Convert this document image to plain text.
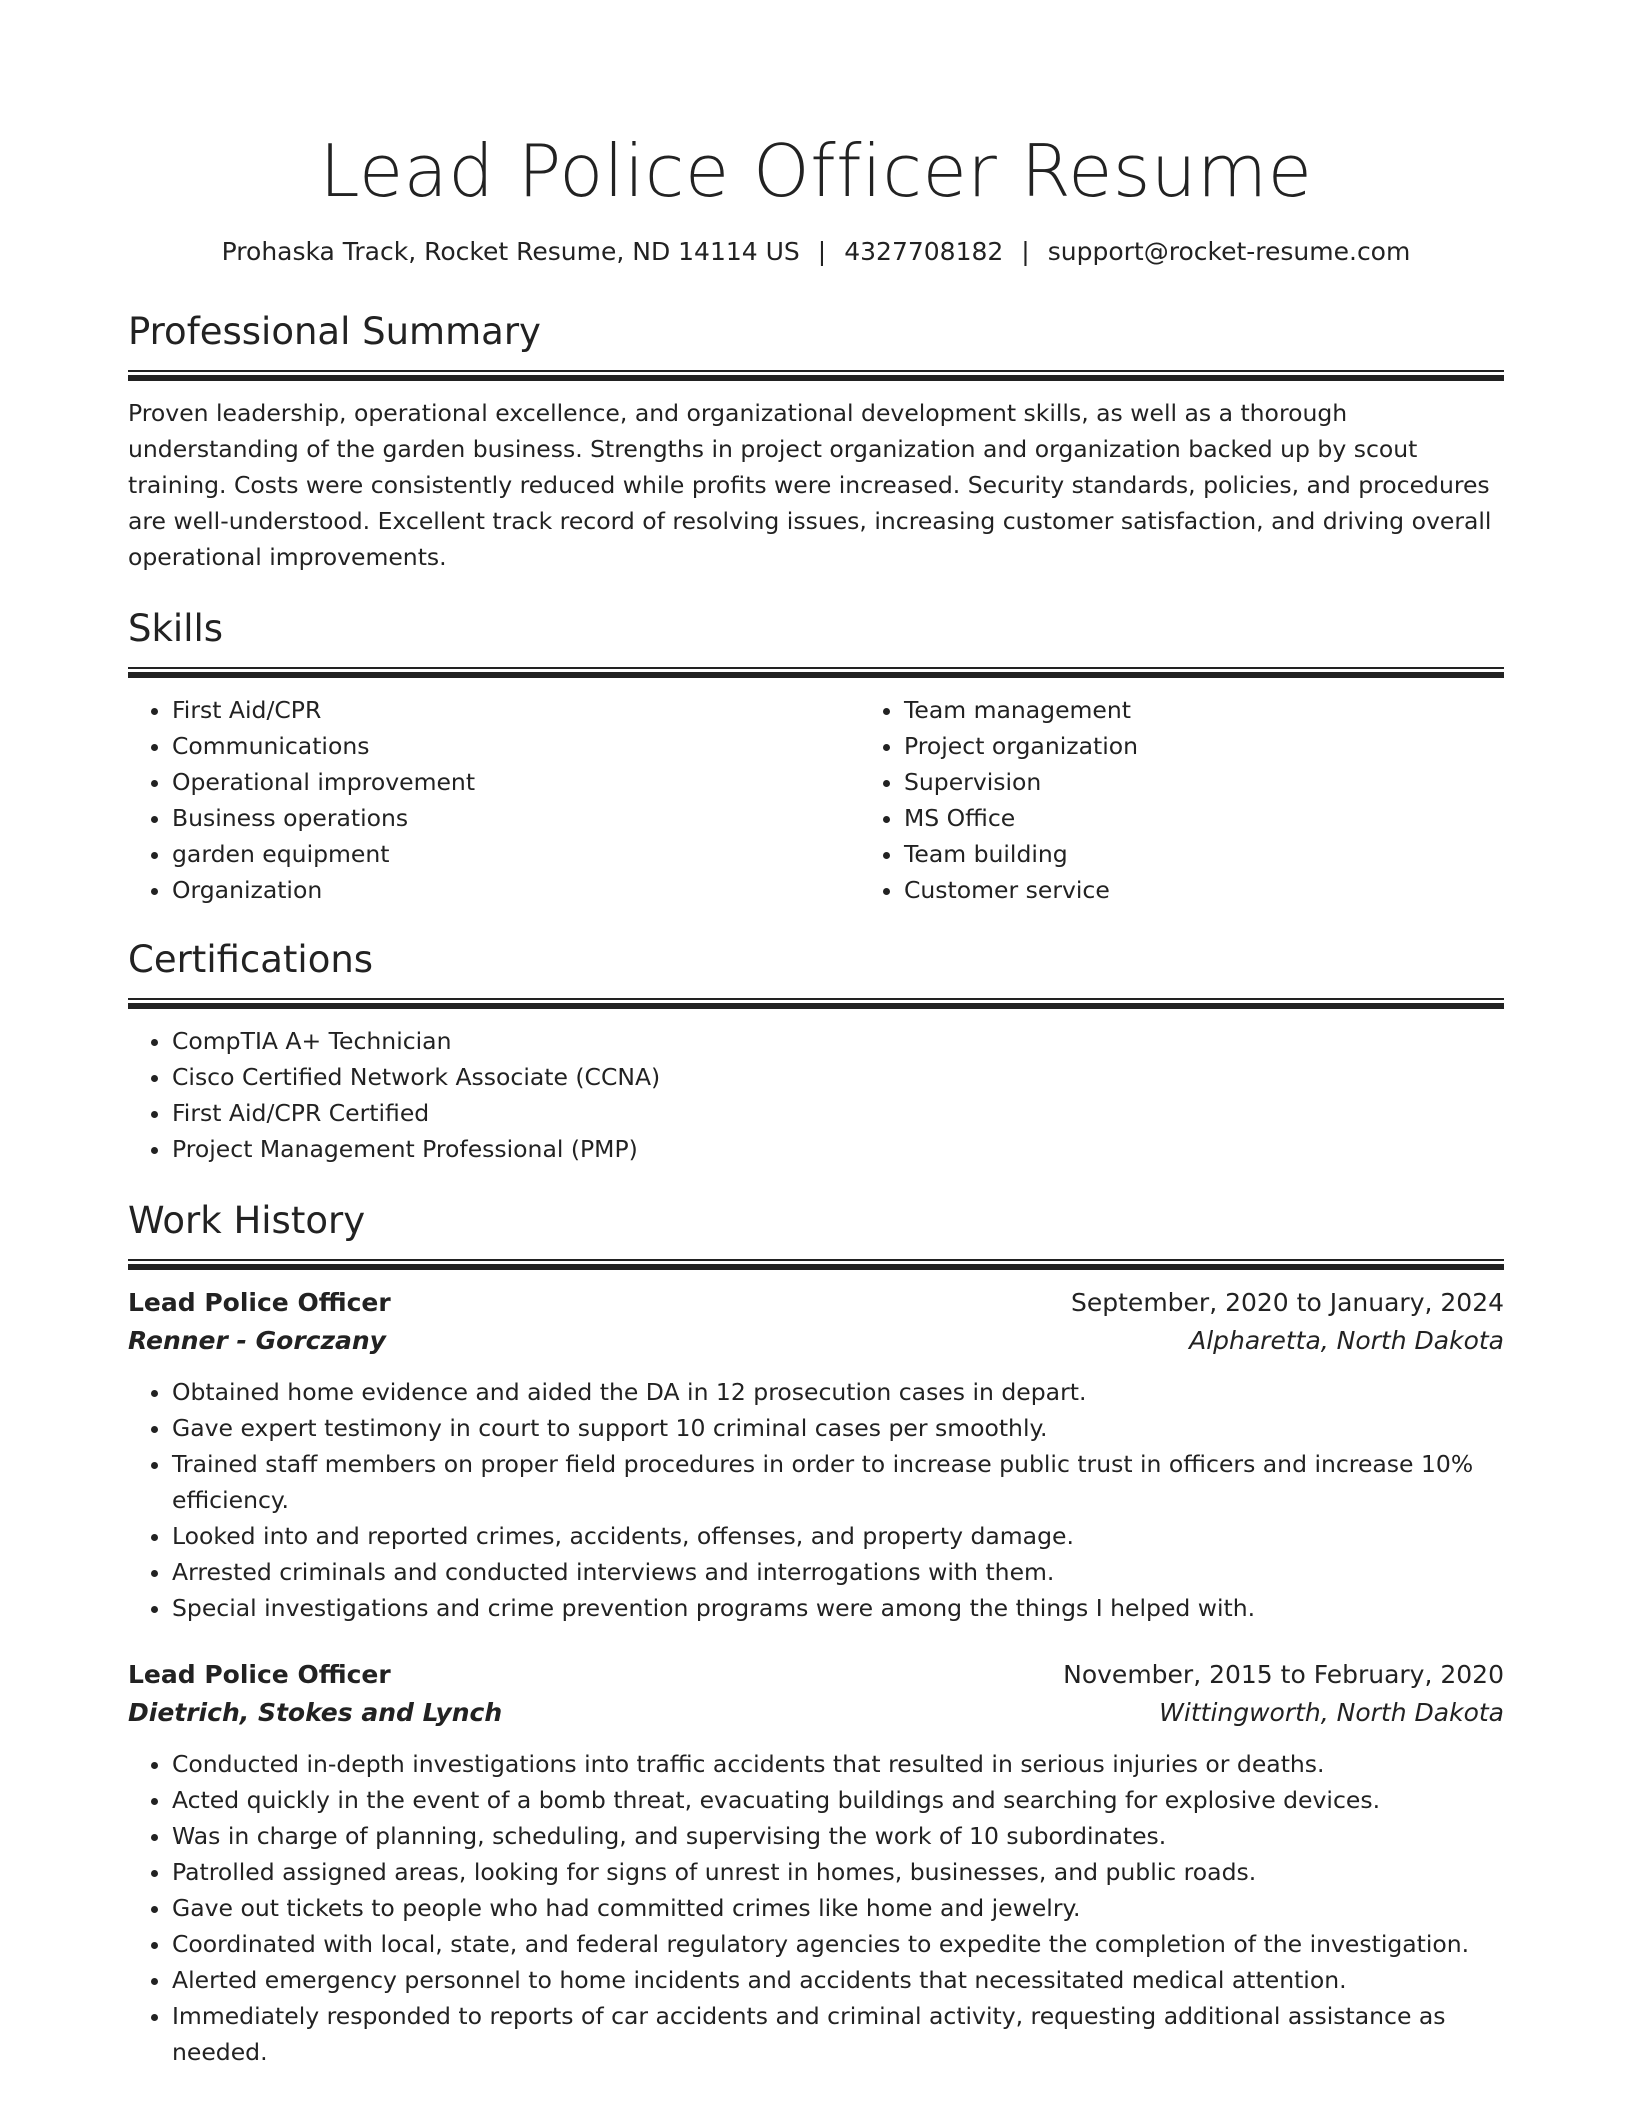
Lead Police Officer Resume
Prohaska Track, Rocket Resume, ND 14114 US | 4327708182 | support@rocket-resume.com
Professional Summary

Proven leadership, operational excellence, and organizational development skills, as well as a thorough understanding of the garden business. Strengths in project organization and organization backed up by scout training. Costs were consistently reduced while profits were increased. Security standards, policies, and procedures are well-understood. Excellent track record of resolving issues, increasing customer satisfaction, and driving overall operational improvements.

Skills
• First Aid/CPR
• Communications
• Operational improvement
• Business operations
• garden equipment
• Organization
• Team management
• Project organization
• Supervision
• MS Office
• Team building
• Customer service
Certifications
• CompTIA A+ Technician
• Cisco Certified Network Associate (CCNA)
• First Aid/CPR Certified
• Project Management Professional (PMP)
Work History
Lead Police Officer	September, 2020 to January, 2024
Renner - Gorczany	Alpharetta, North Dakota
• Obtained home evidence and aided the DA in 12 prosecution cases in depart.
• Gave expert testimony in court to support 10 criminal cases per smoothly.
• Trained staff members on proper field procedures in order to increase public trust in officers and increase 10% efficiency.
• Looked into and reported crimes, accidents, offenses, and property damage.
• Arrested criminals and conducted interviews and interrogations with them.
• Special investigations and crime prevention programs were among the things I helped with.
Lead Police Officer	November, 2015 to February, 2020
Dietrich, Stokes and Lynch	Wittingworth, North Dakota
• Conducted in-depth investigations into traffic accidents that resulted in serious injuries or deaths.
• Acted quickly in the event of a bomb threat, evacuating buildings and searching for explosive devices.
• Was in charge of planning, scheduling, and supervising the work of 10 subordinates.
• Patrolled assigned areas, looking for signs of unrest in homes, businesses, and public roads.
• Gave out tickets to people who had committed crimes like home and jewelry.
• Coordinated with local, state, and federal regulatory agencies to expedite the completion of the investigation.
• Alerted emergency personnel to home incidents and accidents that necessitated medical attention.
• Immediately responded to reports of car accidents and criminal activity, requesting additional assistance as needed.
